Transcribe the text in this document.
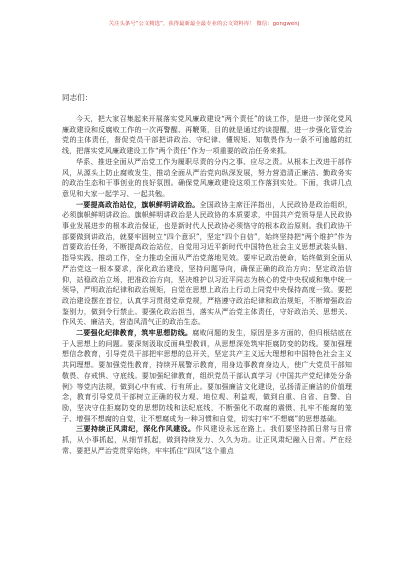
关注头条号“公文精选”，获得最新最全最专业的公文资料库！ 微信：gongwenj
同志们：

今天，把大家召集起来开展落实党风廉政建设“两个责任”的谈工作，是进一步深化党风廉政建设和反腐败工作的一次再警醒、再鞭策，目的就是通过约谈提醒，进一步强化管党治党的主体责任，督促党员干部把讲政治、守纪律、懂规矩、知敬畏作为一条不可逾越的红线，把落实党风廉政建设工作“两个责任”作为一项重要的政治任务来抓。

华系、推进全面从严治党工作为履职尽责的分内之事、应尽之责。从根本上改进干部作风，从源头上防止腐败发生，推动全面从严治党向纵深发展，努力营造清正廉洁、勤政务实的政治生态和干事创业的良好氛围。确保党风廉政建设这项工作落到实处。下面，我讲几点意见和大家一起学习、一起共勉。

一要提高政治站位，旗帜鲜明讲政治。全国政协主席汪洋指出，人民政协是政治组织，必须旗帜鲜明讲政治。旗帜鲜明讲政治是人民政协的本质要求，中国共产党领导是人民政协事业发展进步的根本政治保证，也是新时代人民政协必须恪守的根本政治原则。我们政协干部要做到讲政治，就要牢固树立“四个意识”，坚定“四个自信”，始终坚持把“两个维护”作为首要政治任务，不断提高政治站位，自觉用习近平新时代中国特色社会主义思想武装头脑、指导实践、推动工作，全力推动全面从严治党落地见效。要牢记政治使命，始终做到全面从严治党这一根本要求，深化政治建设，坚持问题导向，确保正确的政治方向；坚定政治信仰，站稳政治立场，把准政治方向，坚决维护以习近平同志为核心的党中央权威和集中统一领导，严明政治纪律和政治规矩，自觉在思想上政治上行动上同党中央保持高度一致。要把政治建设摆在首位，认真学习贯彻党章党规，严格遵守政治纪律和政治规矩，不断增强政治鉴别力，做到令行禁止。要强化政治担当，落实从严治党主体责任，守好政治关、思想关、作风关、廉洁关，营造风清气正的政治生态。

二要强化纪律教育，筑牢思想防线。腐败问题的发生，原因是多方面的，但归根结底在于人思想上的问题。要深刻汲取反面典型教训，从思想深处筑牢拒腐防变的防线。要加强理想信念教育，引导党员干部把牢思想的总开关，坚定共产主义远大理想和中国特色社会主义共同理想。要加强党性教育，持续开展警示教育，用身边事教育身边人，使广大党员干部知敬畏、存戒惧、守底线。要加强纪律教育，组织党员干部认真学习《中国共产党纪律处分条例》等党内法规，做到心中有戒、行有所止。要加强廉洁文化建设，弘扬清正廉洁的价值理念，教育引导党员干部树立正确的权力观、地位观、利益观，做到自重、自省、自警、自励，坚决守住拒腐防变的思想防线和法纪底线，不断强化不敢腐的震慑、扎牢不能腐的笼子、增强不想腐的自觉，让不想腐成为一种习惯和自觉，切实打牢“不想腐”的思想基础。

三要持续正风肃纪，深化作风建设。作风建设永远在路上。我们要坚持抓日常与日常抓，从小事抓起，从细节抓起，做到持续发力、久久为功。让正风肃纪融入日常。严在经常、要把从严治党贯穿始终，牢牢抓住“四风”这个重点
